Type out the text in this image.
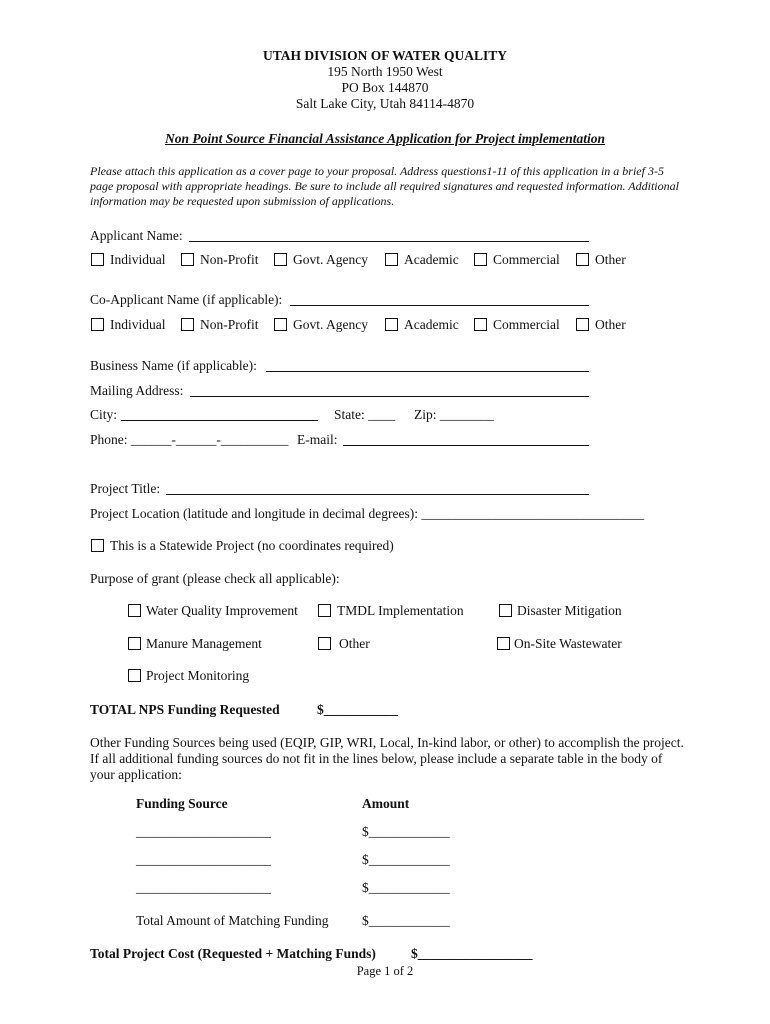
UTAH DIVISION OF WATER QUALITY
195 North 1950 West
PO Box 144870
Salt Lake City, Utah 84114-4870
Non Point Source Financial Assistance Application for Project implementation
Please attach this application as a cover page to your proposal. Address questions1-11 of this application in a brief 3-5 page proposal with appropriate headings. Be sure to include all required signatures and requested information. Additional information may be requested upon submission of applications.
Applicant Name:
Individual	Non-Profit	Govt. Agency	Academic	Commercial	Other
Co-Applicant Name (if applicable):
Individual	Non-Profit	Govt. Agency	Academic	Commercial	Other
Business Name (if applicable):
Mailing Address:
City:	State: ____ Zip: ________
Phone: ______-______-__________ E-mail:
Project Title:
Project Location (latitude and longitude in decimal degrees): _________________________________
This is a Statewide Project (no coordinates required)
Purpose of grant (please check all applicable):
Water Quality Improvement	TMDL Implementation	Disaster Mitigation
Manure Management	Other	On-Site Wastewater
Project Monitoring
TOTAL NPS Funding Requested	$___________
Other Funding Sources being used (EQIP, GIP, WRI, Local, In-kind labor, or other) to accomplish the project. If all additional funding sources do not fit in the lines below, please include a separate table in the body of your application:
Funding Source	Amount
____________________	$____________
____________________	$____________
____________________	$____________
Total Amount of Matching Funding $____________
Total Project Cost (Requested + Matching Funds)	$_________________
Page 1 of 2
